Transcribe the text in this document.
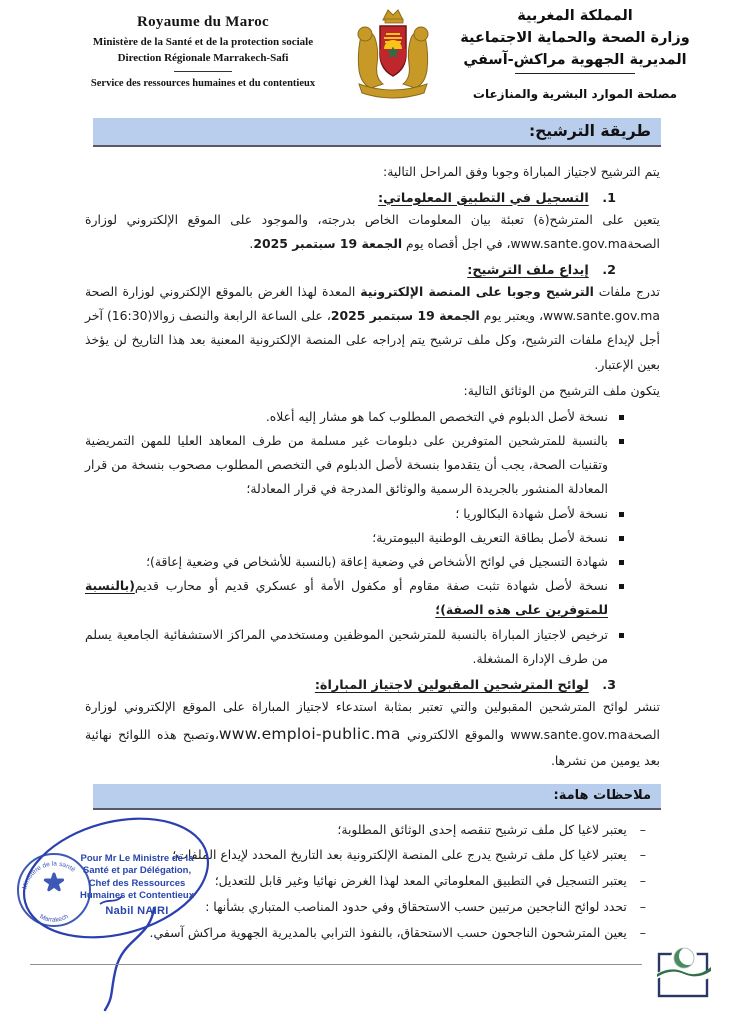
Royaume du Maroc
Ministère de la Santé et de la protection sociale
Direction Régionale Marrakech-Safi
Service des ressources humaines et du contentieux
المملكة المغربية
وزارة الصحة والحماية الاجتماعية
المديرية الجهوية مراكش-آسفي
مصلحة الموارد البشرية والمنازعات
طريقة الترشيح:

يتم الترشيح لاجتياز المباراة وجوبا وفق المراحل التالية:

1. التسجيل في التطبيق المعلوماتي:

يتعين على المترشح(ة) تعبئة بيان المعلومات الخاص بدرجته، والموجود على الموقع الإلكتروني لوزارة الصحةwww.sante.gov.ma، في اجل أقصاه يوم الجمعة 19 سبتمبر 2025.

2. إيداع ملف الترشيح:

تدرج ملفات الترشيح وجوبا على المنصة الإلكترونية المعدة لهذا الغرض بالموقع الإلكتروني لوزارة الصحة www.sante.gov.ma، ويعتبر يوم الجمعة 19 سبتمبر 2025، على الساعة الرابعة والنصف زوالا(16:30) آخر أجل لإيداع ملفات الترشيح، وكل ملف ترشيح يتم إدراجه على المنصة الإلكترونية المعنية بعد هذا التاريخ لن يؤخذ بعين الإعتبار.

يتكون ملف الترشيح من الوثائق التالية:

نسخة لأصل الدبلوم في التخصص المطلوب كما هو مشار إليه أعلاه.
بالنسبة للمترشحين المتوفرين على دبلومات غير مسلمة من طرف المعاهد العليا للمهن التمريضية وتقنيات الصحة، يجب أن يتقدموا بنسخة لأصل الدبلوم في التخصص المطلوب مصحوب بنسخة من قرار المعادلة المنشور بالجريدة الرسمية والوثائق المدرجة في قرار المعادلة؛
نسخة لأصل شهادة البكالوريا ؛
نسخة لأصل بطاقة التعريف الوطنية البيومترية؛
شهادة التسجيل في لوائح الأشخاص في وضعية إعاقة (بالنسبة للأشخاص في وضعية إعاقة)؛
نسخة لأصل شهادة تثبت صفة مقاوم أو مكفول الأمة أو عسكري قديم أو محارب قديم(بالنسبة للمتوفرين على هذه الصفة)؛
ترخيص لاجتياز المباراة بالنسبة للمترشحين الموظفين ومستخدمي المراكز الاستشفائية الجامعية يسلم من طرف الإدارة المشغلة.
3. لوائح المترشحين المقبولين لاجتياز المباراة:

تنشر لوائح المترشحين المقبولين والتي تعتبر بمثابة استدعاء لاجتياز المباراة على الموقع الإلكتروني لوزارة الصحةwww.sante.gov.ma والموقع الالكتروني www.emploi-public.ma،وتصبح هذه اللوائح نهائية بعد يومين من نشرها.

ملاحظات هامة:
–
يعتبر لاغيا كل ملف ترشيح تنقصه إحدى الوثائق المطلوبة؛
–
يعتبر لاغيا كل ملف ترشيح يدرج على المنصة الإلكترونية بعد التاريخ المحدد لإيداع الملفات؛
–
يعتبر التسجيل في التطبيق المعلوماتي المعد لهذا الغرض نهائيا وغير قابل للتعديل؛
–
تحدد لوائح الناجحين مرتبين حسب الاستحقاق وفي حدود المناصب المتباري بشأنها :
–
يعين المترشحون الناجحون حسب الاستحقاق، بالنفوذ الترابي بالمديرية الجهوية مراكش آسفي.
Ministère de la santé
Marrakech
Pour Mr Le Ministre de la
Santé et par Délégation,
Chef des Ressources
Humaines et Contentieux
Nabil NAIRI
